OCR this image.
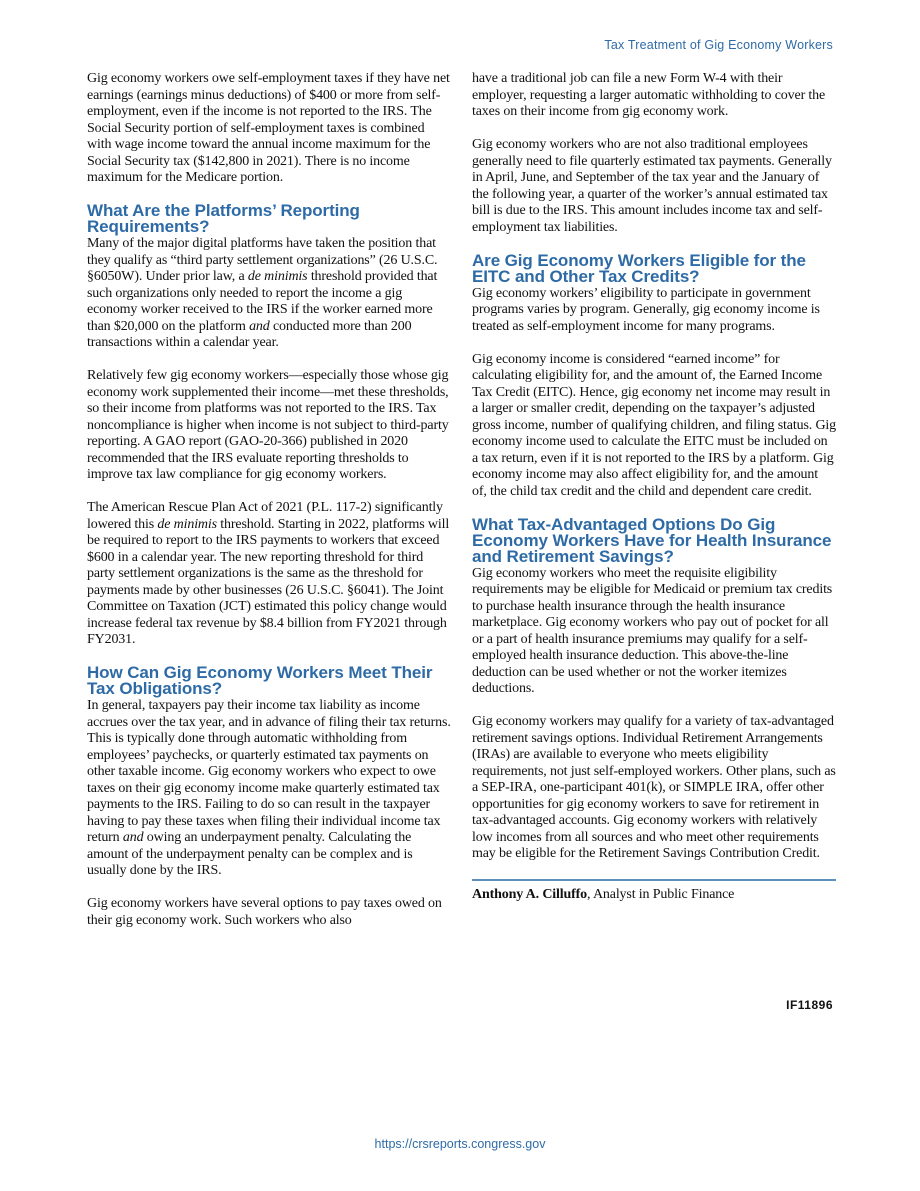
Tax Treatment of Gig Economy Workers

Gig economy workers owe self-employment taxes if they have net earnings (earnings minus deductions) of $400 or more from self-employment, even if the income is not reported to the IRS. The Social Security portion of self-employment taxes is combined with wage income toward the annual income maximum for the Social Security tax ($142,800 in 2021). There is no income maximum for the Medicare portion.

What Are the Platforms’ Reporting Requirements?

Many of the major digital platforms have taken the position that they qualify as “third party settlement organizations” (26 U.S.C. §6050W). Under prior law, a de minimis threshold provided that such organizations only needed to report the income a gig economy worker received to the IRS if the worker earned more than $20,000 on the platform and conducted more than 200 transactions within a calendar year.

Relatively few gig economy workers—especially those whose gig economy work supplemented their income—met these thresholds, so their income from platforms was not reported to the IRS. Tax noncompliance is higher when income is not subject to third-party reporting. A GAO report (GAO-20-366) published in 2020 recommended that the IRS evaluate reporting thresholds to improve tax law compliance for gig economy workers.

The American Rescue Plan Act of 2021 (P.L. 117-2) significantly lowered this de minimis threshold. Starting in 2022, platforms will be required to report to the IRS payments to workers that exceed $600 in a calendar year. The new reporting threshold for third party settlement organizations is the same as the threshold for payments made by other businesses (26 U.S.C. §6041). The Joint Committee on Taxation (JCT) estimated this policy change would increase federal tax revenue by $8.4 billion from FY2021 through FY2031.

How Can Gig Economy Workers Meet Their Tax Obligations?

In general, taxpayers pay their income tax liability as income accrues over the tax year, and in advance of filing their tax returns. This is typically done through automatic withholding from employees’ paychecks, or quarterly estimated tax payments on other taxable income. Gig economy workers who expect to owe taxes on their gig economy income make quarterly estimated tax payments to the IRS. Failing to do so can result in the taxpayer having to pay these taxes when filing their individual income tax return and owing an underpayment penalty. Calculating the amount of the underpayment penalty can be complex and is usually done by the IRS.

Gig economy workers have several options to pay taxes owed on their gig economy work. Such workers who also

have a traditional job can file a new Form W-4 with their employer, requesting a larger automatic withholding to cover the taxes on their income from gig economy work.

Gig economy workers who are not also traditional employees generally need to file quarterly estimated tax payments. Generally in April, June, and September of the tax year and the January of the following year, a quarter of the worker’s annual estimated tax bill is due to the IRS. This amount includes income tax and self-employment tax liabilities.

Are Gig Economy Workers Eligible for the EITC and Other Tax Credits?

Gig economy workers’ eligibility to participate in government programs varies by program. Generally, gig economy income is treated as self-employment income for many programs.

Gig economy income is considered “earned income” for calculating eligibility for, and the amount of, the Earned Income Tax Credit (EITC). Hence, gig economy net income may result in a larger or smaller credit, depending on the taxpayer’s adjusted gross income, number of qualifying children, and filing status. Gig economy income used to calculate the EITC must be included on a tax return, even if it is not reported to the IRS by a platform. Gig economy income may also affect eligibility for, and the amount of, the child tax credit and the child and dependent care credit.

What Tax-Advantaged Options Do Gig Economy Workers Have for Health Insurance and Retirement Savings?

Gig economy workers who meet the requisite eligibility requirements may be eligible for Medicaid or premium tax credits to purchase health insurance through the health insurance marketplace. Gig economy workers who pay out of pocket for all or a part of health insurance premiums may qualify for a self-employed health insurance deduction. This above-the-line deduction can be used whether or not the worker itemizes deductions.

Gig economy workers may qualify for a variety of tax-advantaged retirement savings options. Individual Retirement Arrangements (IRAs) are available to everyone who meets eligibility requirements, not just self-employed workers. Other plans, such as a SEP-IRA, one-participant 401(k), or SIMPLE IRA, offer other opportunities for gig economy workers to save for retirement in tax-advantaged accounts. Gig economy workers with relatively low incomes from all sources and who meet other requirements may be eligible for the Retirement Savings Contribution Credit.

Anthony A. Cilluffo, Analyst in Public Finance

IF11896
https://crsreports.congress.gov
